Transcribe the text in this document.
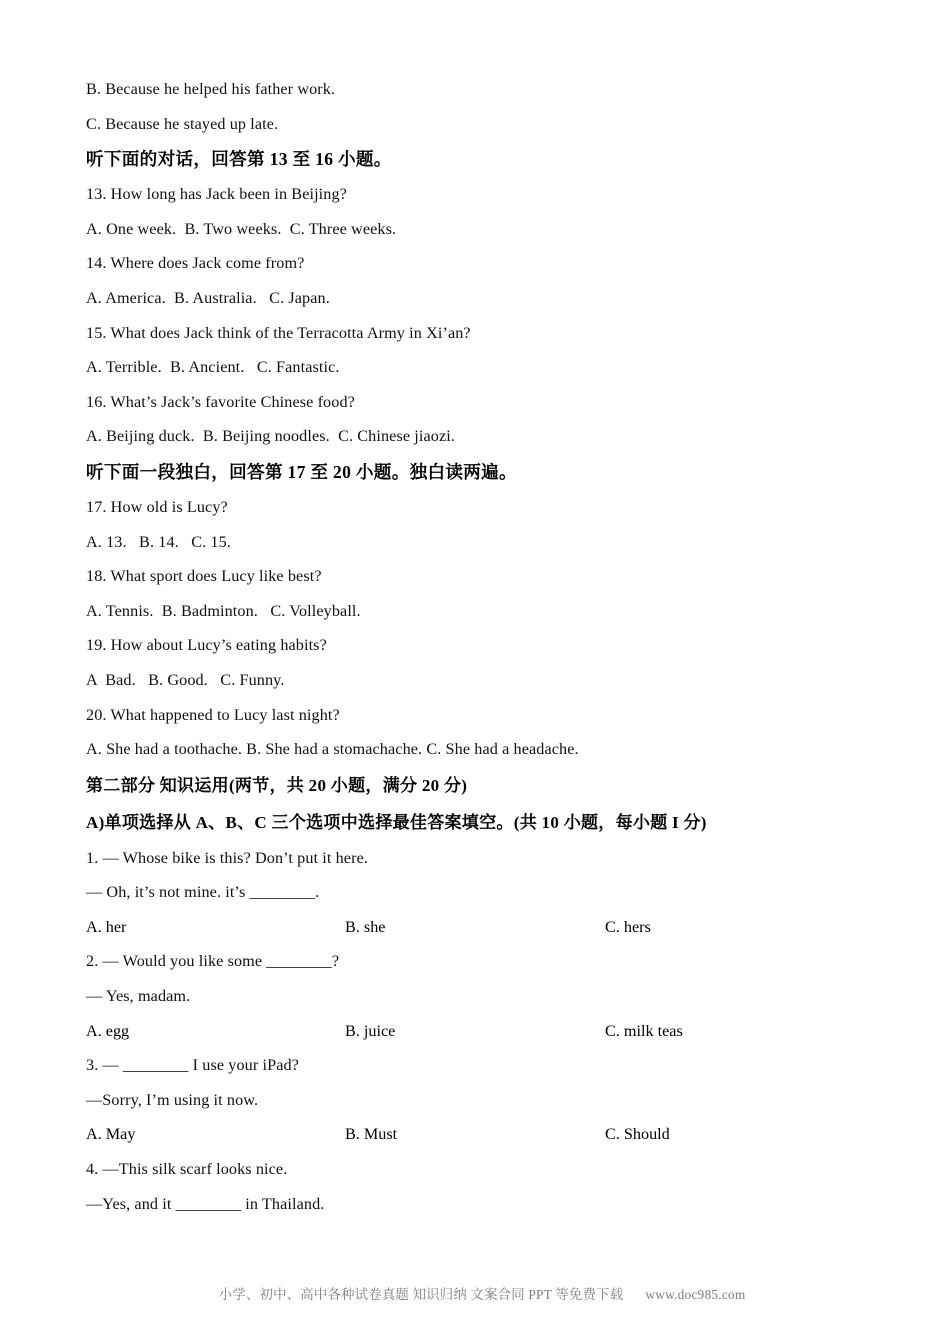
B. Because he helped his father work.
C. Because he stayed up late.
听下面的对话，回答第 13 至 16 小题。
13. How long has Jack been in Beijing?
A. One week.  B. Two weeks.  C. Three weeks.
14. Where does Jack come from?
A. America.  B. Australia.   C. Japan.
15. What does Jack think of the Terracotta Army in Xi’an?
A. Terrible.  B. Ancient.   C. Fantastic.
16. What’s Jack’s favorite Chinese food?
A. Beijing duck.  B. Beijing noodles.  C. Chinese jiaozi.
听下面一段独白，回答第 17 至 20 小题。独白读两遍。
17. How old is Lucy?
A. 13.   B. 14.   C. 15.
18. What sport does Lucy like best?
A. Tennis.  B. Badminton.   C. Volleyball.
19. How about Lucy’s eating habits?
A  Bad.   B. Good.   C. Funny.
20. What happened to Lucy last night?
A. She had a toothache. B. She had a stomachache. C. She had a headache.
第二部分 知识运用(两节，共 20 小题，满分 20 分)
A)单项选择从 A、B、C 三个选项中选择最佳答案填空。(共 10 小题，每小题 I 分)
1. — Whose bike is this? Don’t put it here.
— Oh, it’s not mine. it’s ________.
A. her	B. she	C. hers
2. — Would you like some ________?
— Yes, madam.
A. egg	B. juice	C. milk teas
3. — ________ I use your iPad?
—Sorry, I’m using it now.
A. May	B. Must	C. Should
4. —This silk scarf looks nice.
—Yes, and it ________ in Thailand.

小学、初中、高中各种试卷真题 知识归纳 文案合同 PPT 等免费下载 www.doc985.com
